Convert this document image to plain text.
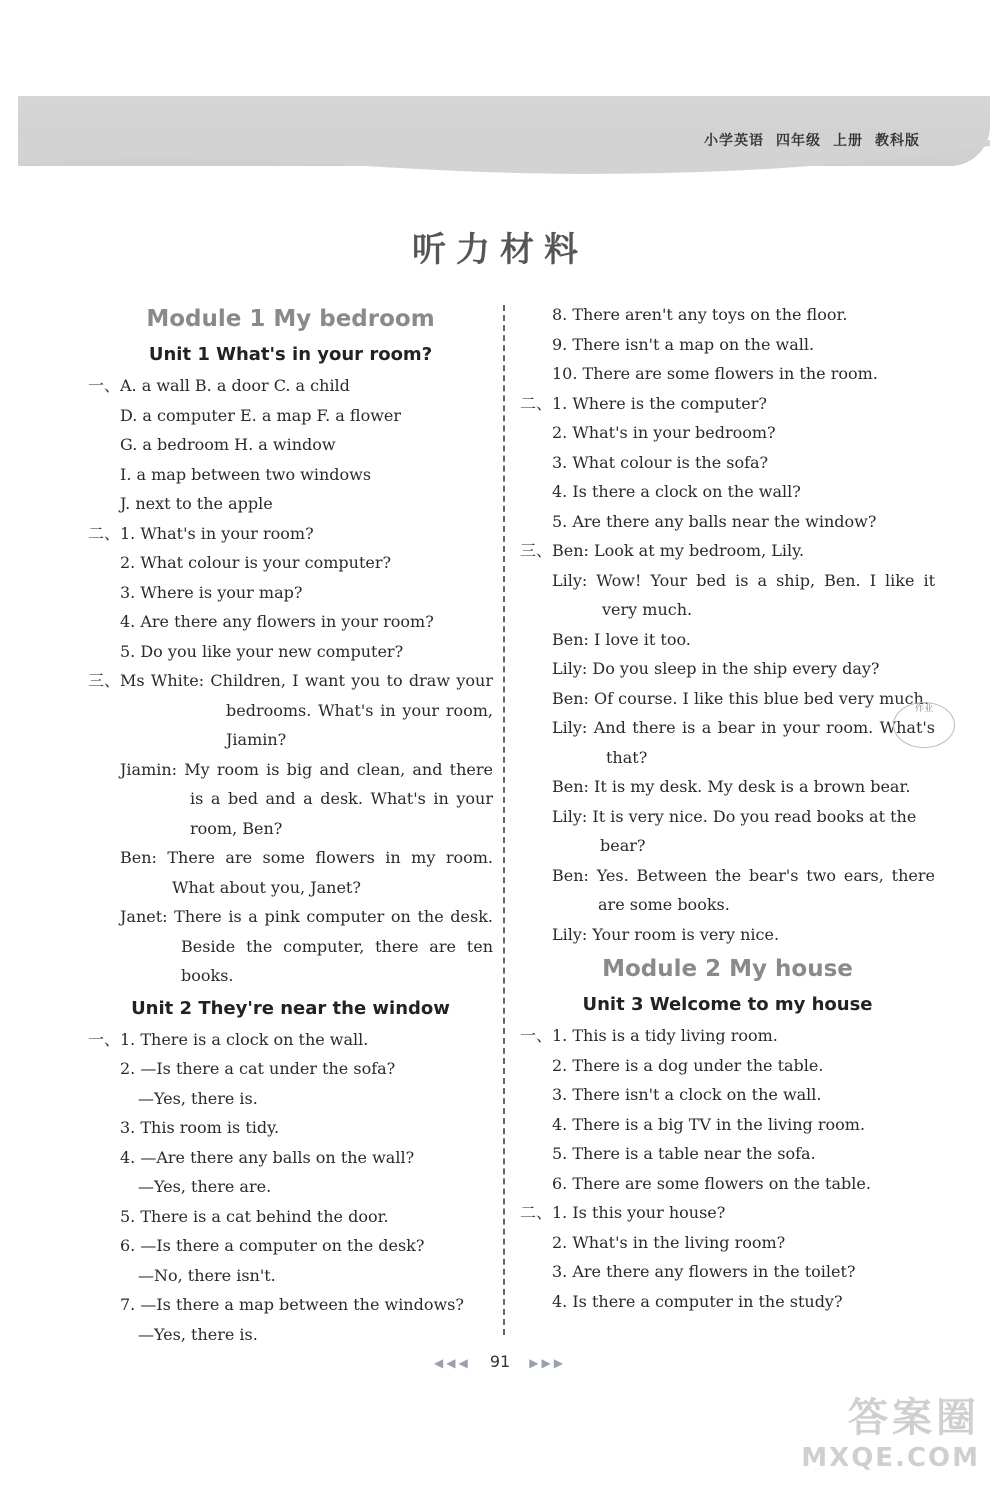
小学英语 四年级 上册 教科版
听力材料
Module 1 My bedroom
Unit 1 What's in your room?
一、 A. a wall B. a door C. a child
D. a computer E. a map F. a flower
G. a bedroom H. a window
I. a map between two windows
J. next to the apple
二、 1. What's in your room?
2. What colour is your computer?
3. Where is your map?
4. Are there any flowers in your room?
5. Do you like your new computer?
三、 Ms White: Children, I want you to draw your bedrooms. What's in your room, Jiamin?
Jiamin: My room is big and clean, and there is a bed and a desk. What's in your room, Ben?
Ben: There are some flowers in my room. What about you, Janet?
Janet: There is a pink computer on the desk. Beside the computer, there are ten books.
Unit 2 They're near the window
一、 1. There is a clock on the wall.
2. —Is there a cat under the sofa?
—Yes, there is.
3. This room is tidy.
4. —Are there any balls on the wall?
—Yes, there are.
5. There is a cat behind the door.
6. —Is there a computer on the desk?
—No, there isn't.
7. —Is there a map between the windows?
—Yes, there is.
8. There aren't any toys on the floor.
9. There isn't a map on the wall.
10. There are some flowers in the room.
二、 1. Where is the computer?
2. What's in your bedroom?
3. What colour is the sofa?
4. Is there a clock on the wall?
5. Are there any balls near the window?
三、 Ben: Look at my bedroom, Lily.
Lily: Wow! Your bed is a ship, Ben. I like it very much.
Ben: I love it too.
Lily: Do you sleep in the ship every day?
Ben: Of course. I like this blue bed very much.
Lily: And there is a bear in your room. What's that?
Ben: It is my desk. My desk is a brown bear.
Lily: It is very nice. Do you read books at the bear?
Ben: Yes. Between the bear's two ears, there are some books.
Lily: Your room is very nice.
Module 2 My house
Unit 3 Welcome to my house
一、 1. This is a tidy living room.
2. There is a dog under the table.
3. There isn't a clock on the wall.
4. There is a big TV in the living room.
5. There is a table near the sofa.
6. There are some flowers on the table.
二、 1. Is this your house?
2. What's in the living room?
3. Are there any flowers in the toilet?
4. Is there a computer in the study?
作业
◀◀◀ 91 ▶▶▶
答案圈
MXQE.COM
